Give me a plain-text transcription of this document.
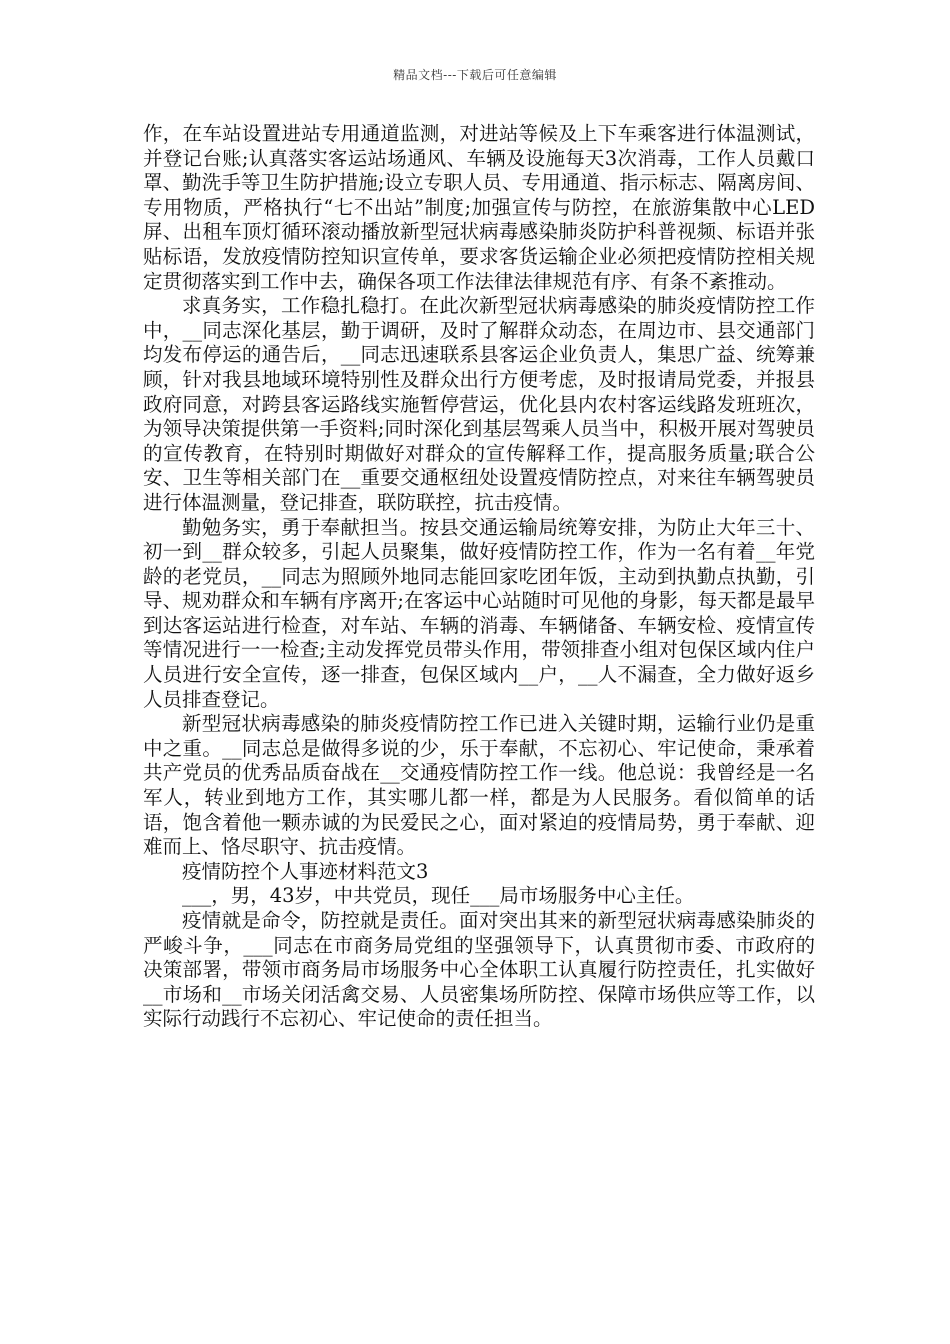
精品文档---下载后可任意编辑

作，在车站设置进站专用通道监测，对进站等候及上下车乘客进行体温测试，并登记台账;认真落实客运站场通风、车辆及设施每天3次消毒，工作人员戴口罩、勤洗手等卫生防护措施;设立专职人员、专用通道、指示标志、隔离房间、专用物质，严格执行“七不出站”制度;加强宣传与防控，在旅游集散中心LED屏、出租车顶灯循环滚动播放新型冠状病毒感染肺炎防护科普视频、标语并张贴标语，发放疫情防控知识宣传单，要求客货运输企业必须把疫情防控相关规定贯彻落实到工作中去，确保各项工作法律法律规范有序、有条不紊推动。

求真务实，工作稳扎稳打。在此次新型冠状病毒感染的肺炎疫情防控工作中，__同志深化基层，勤于调研，及时了解群众动态，在周边市、县交通部门均发布停运的通告后，__同志迅速联系县客运企业负责人，集思广益、统筹兼顾，针对我县地域环境特别性及群众出行方便考虑，及时报请局党委，并报县政府同意，对跨县客运路线实施暂停营运，优化县内农村客运线路发班班次，为领导决策提供第一手资料;同时深化到基层驾乘人员当中，积极开展对驾驶员的宣传教育，在特别时期做好对群众的宣传解释工作，提高服务质量;联合公安、卫生等相关部门在__重要交通枢纽处设置疫情防控点，对来往车辆驾驶员进行体温测量，登记排查，联防联控，抗击疫情。

勤勉务实，勇于奉献担当。按县交通运输局统筹安排，为防止大年三十、初一到__群众较多，引起人员聚集，做好疫情防控工作，作为一名有着__年党龄的老党员，__同志为照顾外地同志能回家吃团年饭，主动到执勤点执勤，引导、规劝群众和车辆有序离开;在客运中心站随时可见他的身影，每天都是最早到达客运站进行检查，对车站、车辆的消毒、车辆储备、车辆安检、疫情宣传等情况进行一一检查;主动发挥党员带头作用，带领排查小组对包保区域内住户人员进行安全宣传，逐一排查，包保区域内__户，__人不漏查，全力做好返乡人员排查登记。

新型冠状病毒感染的肺炎疫情防控工作已进入关键时期，运输行业仍是重中之重。__同志总是做得多说的少，乐于奉献，不忘初心、牢记使命，秉承着共产党员的优秀品质奋战在__交通疫情防控工作一线。他总说：我曾经是一名军人，转业到地方工作，其实哪儿都一样，都是为人民服务。看似简单的话语，饱含着他一颗赤诚的为民爱民之心，面对紧迫的疫情局势，勇于奉献、迎难而上、恪尽职守、抗击疫情。

疫情防控个人事迹材料范文3

___，男，43岁，中共党员，现任___局市场服务中心主任。

疫情就是命令，防控就是责任。面对突出其来的新型冠状病毒感染肺炎的严峻斗争，___同志在市商务局党组的坚强领导下，认真贯彻市委、市政府的决策部署，带领市商务局市场服务中心全体职工认真履行防控责任，扎实做好__市场和__市场关闭活禽交易、人员密集场所防控、保障市场供应等工作，以实际行动践行不忘初心、牢记使命的责任担当。
